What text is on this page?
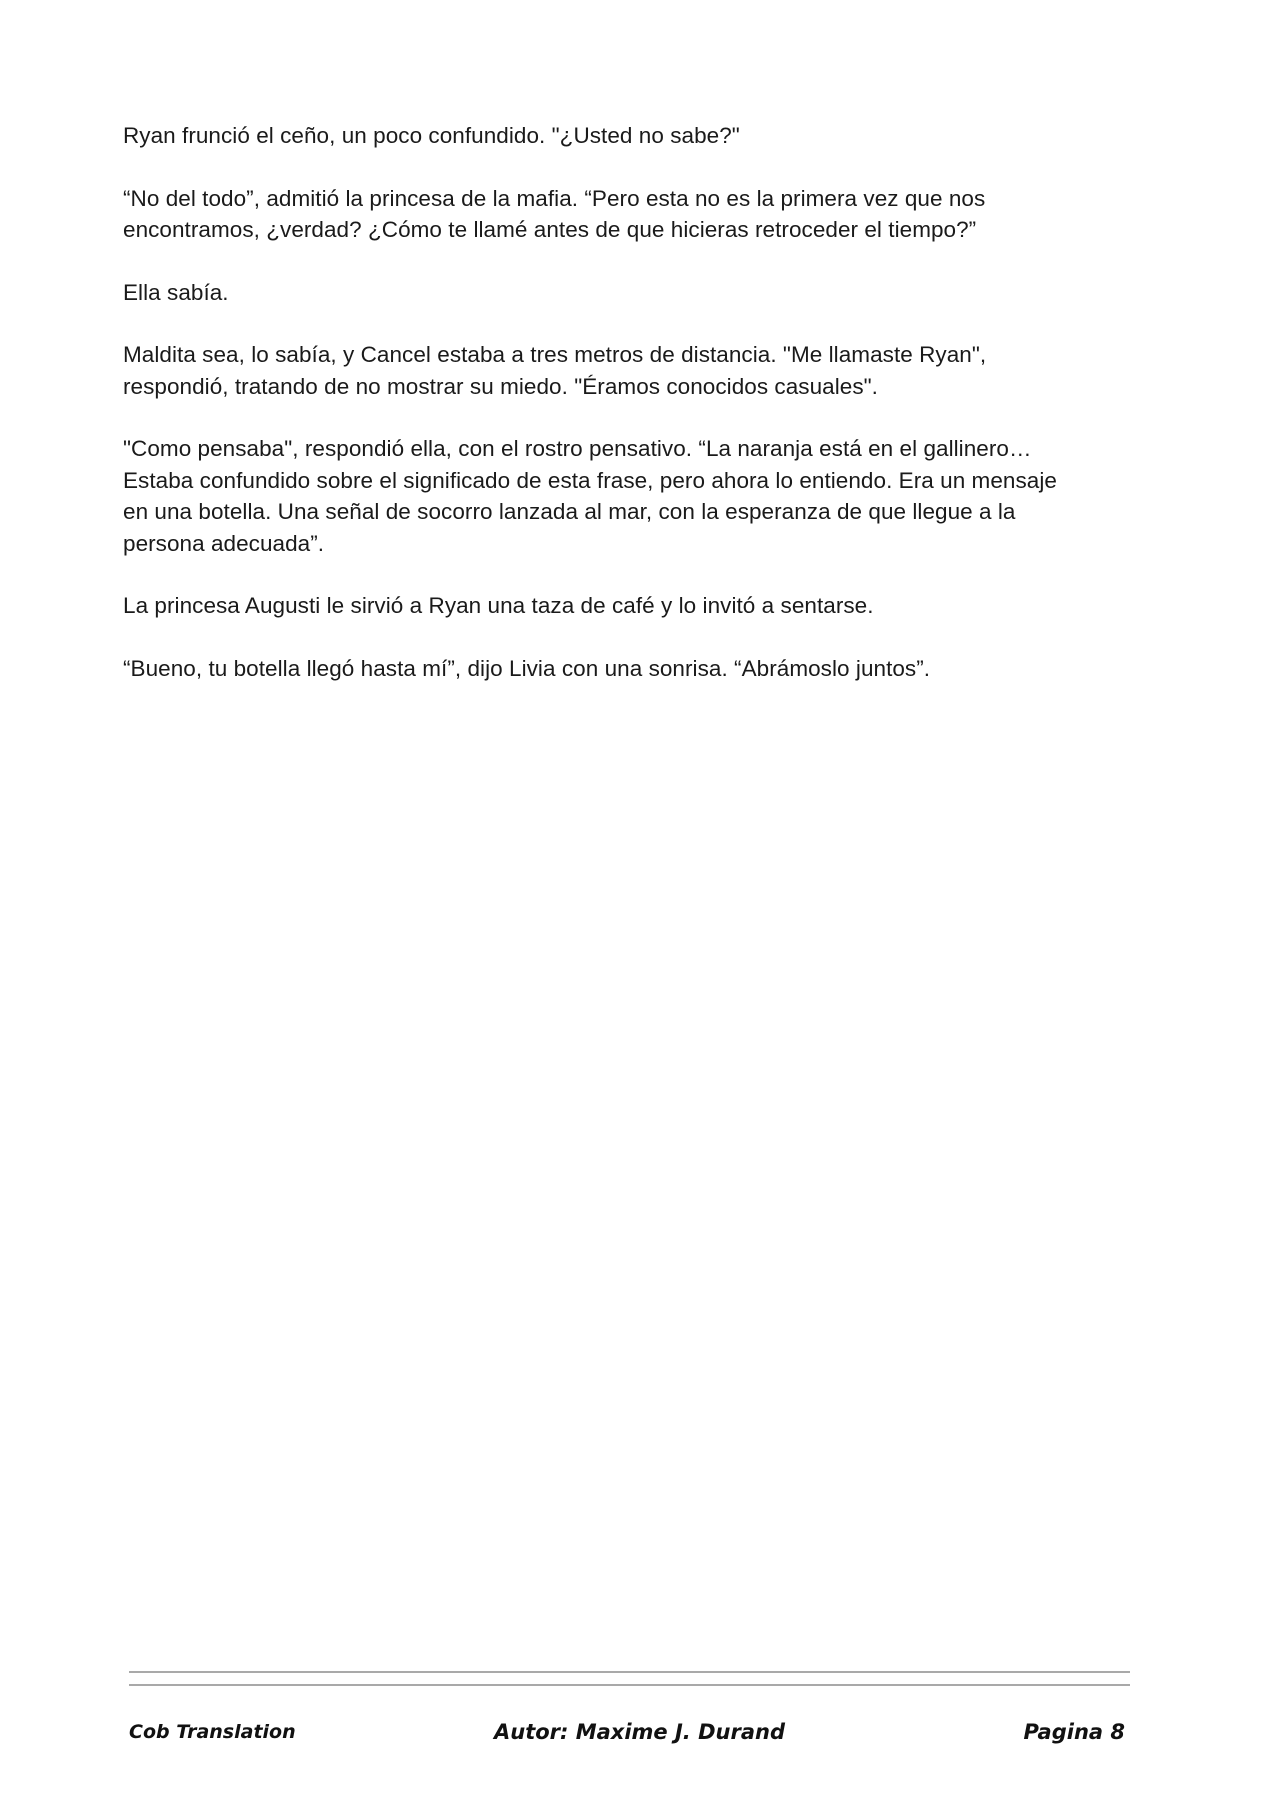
Ryan frunció el ceño, un poco confundido. "¿Usted no sabe?"

“No del todo”, admitió la princesa de la mafia. “Pero esta no es la primera vez que nos
encontramos, ¿verdad? ¿Cómo te llamé antes de que hicieras retroceder el tiempo?”

Ella sabía.

Maldita sea, lo sabía, y Cancel estaba a tres metros de distancia. "Me llamaste Ryan",
respondió, tratando de no mostrar su miedo. "Éramos conocidos casuales".

"Como pensaba", respondió ella, con el rostro pensativo. “La naranja está en el gallinero…
Estaba confundido sobre el significado de esta frase, pero ahora lo entiendo. Era un mensaje
en una botella. Una señal de socorro lanzada al mar, con la esperanza de que llegue a la
persona adecuada”.

La princesa Augusti le sirvió a Ryan una taza de café y lo invitó a sentarse.

“Bueno, tu botella llegó hasta mí”, dijo Livia con una sonrisa. “Abrámoslo juntos”.

Cob Translation	Autor: Maxime J. Durand	Pagina 8
